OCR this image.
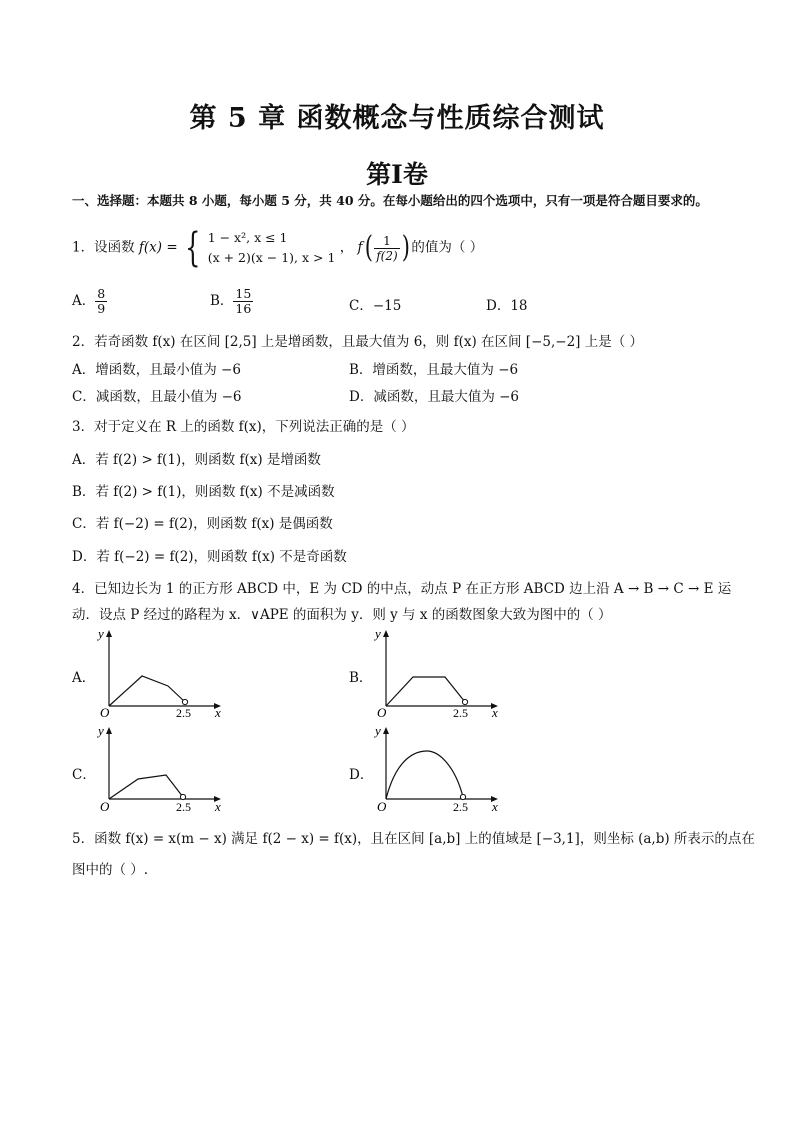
第 5 章 函数概念与性质综合测试
第Ⅰ卷
一、选择题：本题共 8 小题，每小题 5 分，共 40 分。在每小题给出的四个选项中，只有一项是符合题目要求的。
1．设函数 f(x) = { 1 − x², x ≤ 1
(x + 2)(x − 1), x > 1
， $f( \frac{1}{f(2)}$ ) 的值为（ ）
A． $\frac{8}{9}$	B． $\frac{15}{16}$	C．−15	D．18
2．若奇函数 f(x) 在区间 [2,5] 上是增函数，且最大值为 6，则 f(x) 在区间 [−5,−2] 上是（ ）
A．增函数，且最小值为 −6	B．增函数，且最大值为 −6
C．减函数，且最小值为 −6	D．减函数，且最大值为 −6
3．对于定义在 R 上的函数 f(x)，下列说法正确的是（ ）
A．若 f(2) > f(1)，则函数 f(x) 是增函数
B．若 f(2) > f(1)，则函数 f(x) 不是减函数
C．若 f(−2) = f(2)，则函数 f(x) 是偶函数
D．若 f(−2) = f(2)，则函数 f(x) 不是奇函数
4．已知边长为 1 的正方形 ABCD 中，E 为 CD 的中点，动点 P 在正方形 ABCD 边上沿 A → B → C → E 运
动．设点 P 经过的路程为 x．∨APE 的面积为 y．则 y 与 x 的函数图象大致为图中的（ ）
A．	B．
C．	D．
y
x
O	2.5
y
x
O	2.5
y
x
O	2.5
y
x
O	2.5
5．函数 f(x) = x(m − x) 满足 f(2 − x) = f(x)，且在区间 [a,b] 上的值域是 [−3,1]，则坐标 (a,b) 所表示的点在
图中的（ ）.
